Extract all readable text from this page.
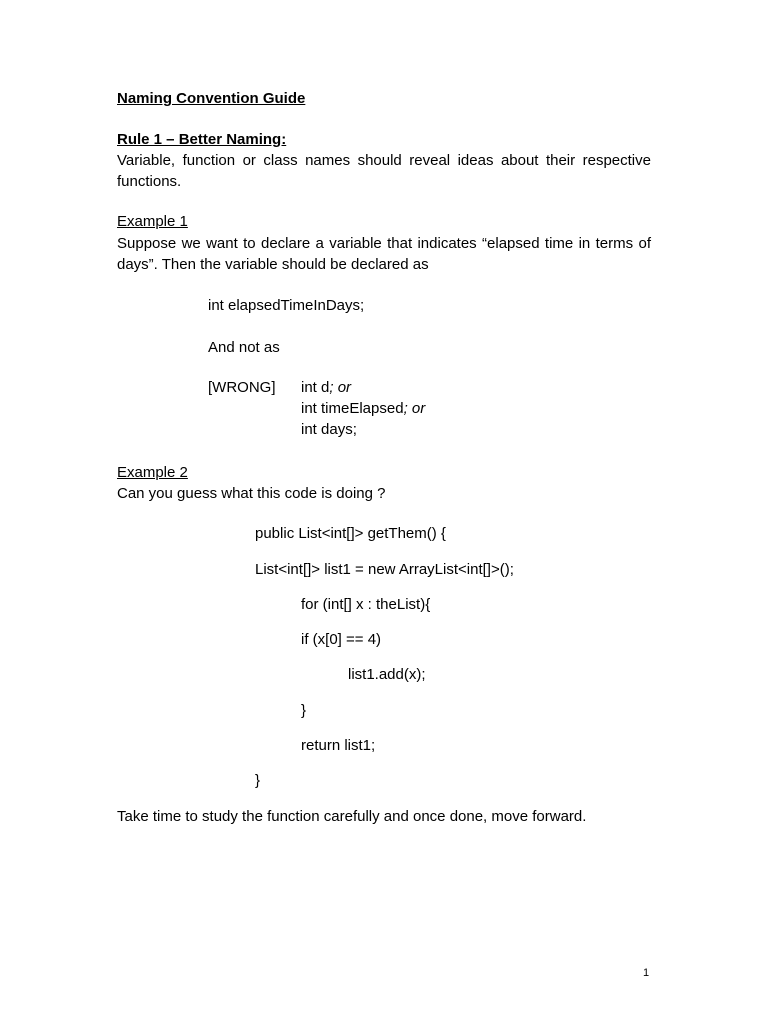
Naming Convention Guide
Rule 1 – Better Naming:
Variable, function or class names should reveal ideas about their respective functions.
Example 1
Suppose we want to declare a variable that indicates “elapsed time in terms of days”. Then the variable should be declared as
int elapsedTimeInDays;
And not as
[WRONG] int d; or
int timeElapsed; or
int days;
Example 2
Can you guess what this code is doing ?
public List<int[]> getThem() {
List<int[]> list1 = new ArrayList<int[]>();
for (int[] x : theList){
if (x[0] == 4)
list1.add(x);
}
return list1;
}
Take time to study the function carefully and once done, move forward.
1
